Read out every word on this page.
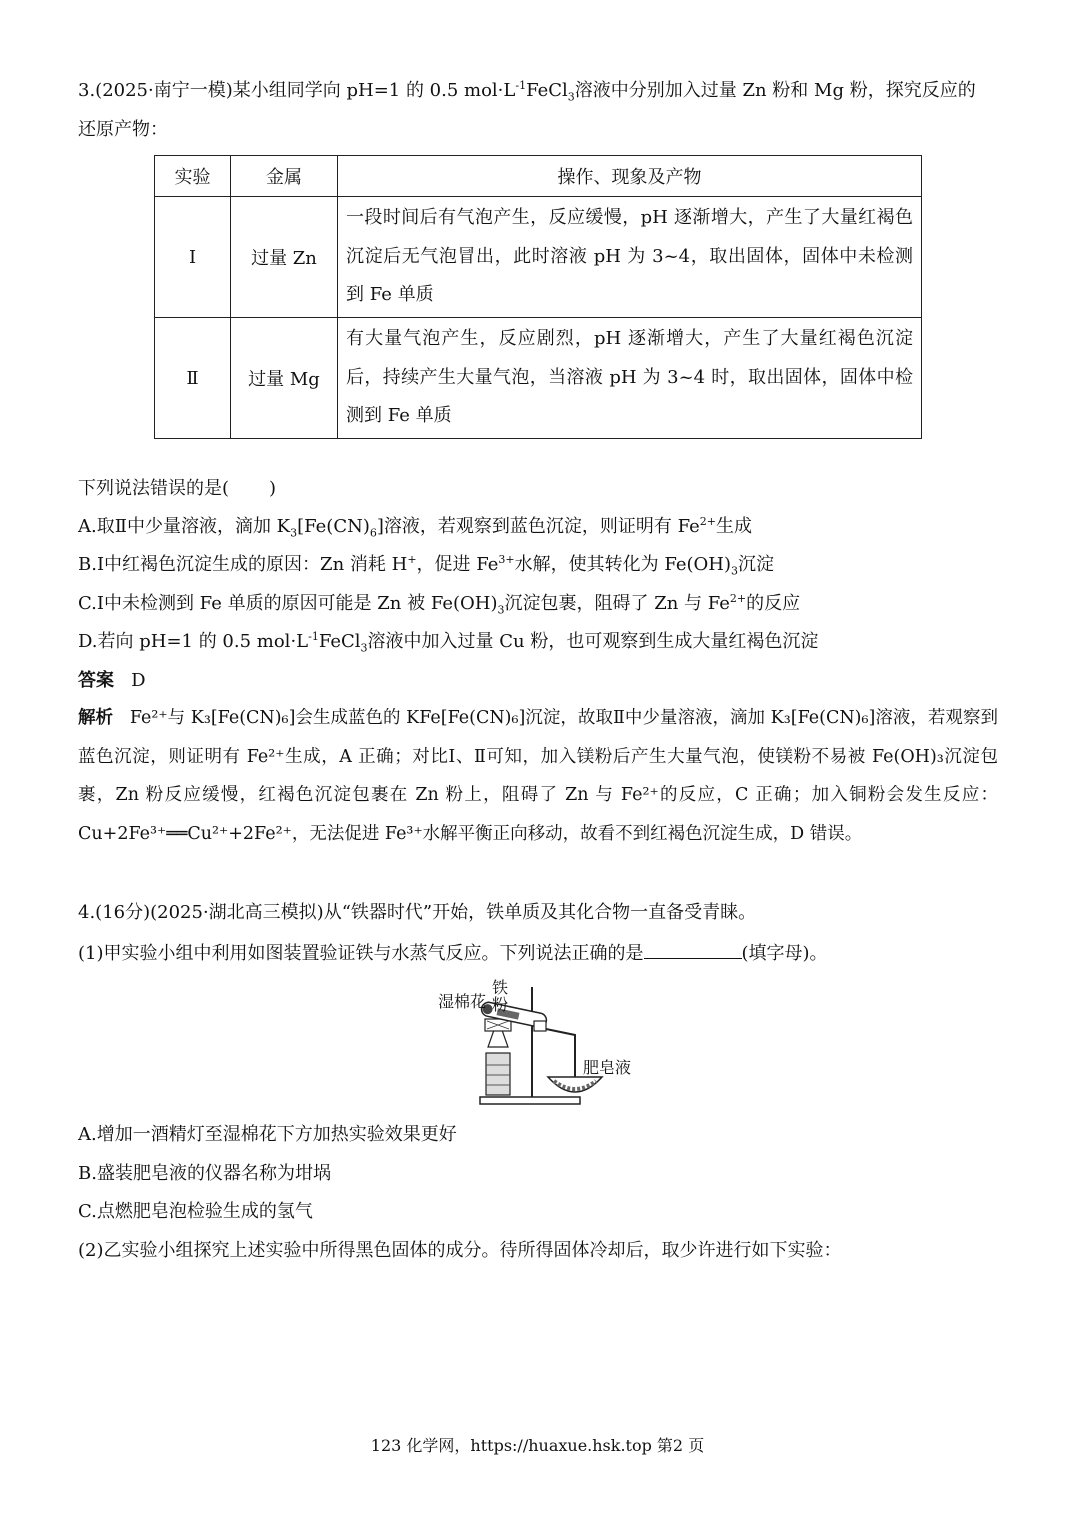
3.(2025·南宁一模)某小组同学向 pH=1 的 0.5 $mol\cdot L^{-1}FeCl_3$溶液中分别加入过量 Zn 粉和 Mg 粉，探究反应的
还原产物：
实验	金属	操作、现象及产物
Ⅰ	过量 Zn	一段时间后有气泡产生，反应缓慢，pH 逐渐增大，产生了大量红褐色沉淀后无气泡冒出，此时溶液 pH 为 3~4，取出固体，固体中未检测到 Fe 单质
Ⅱ	过量 Mg	有大量气泡产生，反应剧烈，pH 逐渐增大，产生了大量红褐色沉淀后，持续产生大量气泡，当溶液 pH 为 3~4 时，取出固体，固体中检测到 Fe 单质
下列说法错误的是( )
A.取Ⅱ中少量溶液，滴加 $K_3[Fe(CN)_6]$溶液，若观察到蓝色沉淀，则证明有 $Fe^{2+}$生成
B.Ⅰ中红褐色沉淀生成的原因：Zn 消耗 H+，促进 $Fe^{3+}$水解，使其转化为 $Fe(OH)_3$沉淀
C.Ⅰ中未检测到 Fe 单质的原因可能是 Zn 被 $Fe(OH)_3$沉淀包裹，阻碍了 Zn 与 $Fe^{2+}$的反应
D.若向 pH=1 的 0.5 $mol\cdot L^{-1}FeCl_3$溶液中加入过量 Cu 粉，也可观察到生成大量红褐色沉淀
答案 D
解析 Fe²⁺与 K₃[Fe(CN)₆]会生成蓝色的 KFe[Fe(CN)₆]沉淀，故取Ⅱ中少量溶液，滴加 K₃[Fe(CN)₆]溶液，若观察到蓝色沉淀，则证明有 Fe²⁺生成，A 正确；对比Ⅰ、Ⅱ可知，加入镁粉后产生大量气泡，使镁粉不易被 Fe(OH)₃沉淀包裹，Zn 粉反应缓慢，红褐色沉淀包裹在 Zn 粉上，阻碍了 Zn 与 Fe²⁺的反应，C 正确；加入铜粉会发生反应：Cu+2Fe³⁺══Cu²⁺+2Fe²⁺，无法促进 Fe³⁺水解平衡正向移动，故看不到红褐色沉淀生成，D 错误。
4.(16分)(2025·湖北高三模拟)从“铁器时代”开始，铁单质及其化合物一直备受青睐。
(1)甲实验小组中利用如图装置验证铁与水蒸气反应。下列说法正确的是	(填字母)。
湿棉花
铁
粉
肥皂液
A.增加一酒精灯至湿棉花下方加热实验效果更好
B.盛装肥皂液的仪器名称为坩埚
C.点燃肥皂泡检验生成的氢气
(2)乙实验小组探究上述实验中所得黑色固体的成分。待所得固体冷却后，取少许进行如下实验：
123 化学网，https://huaxue.hsk.top 第2 页
